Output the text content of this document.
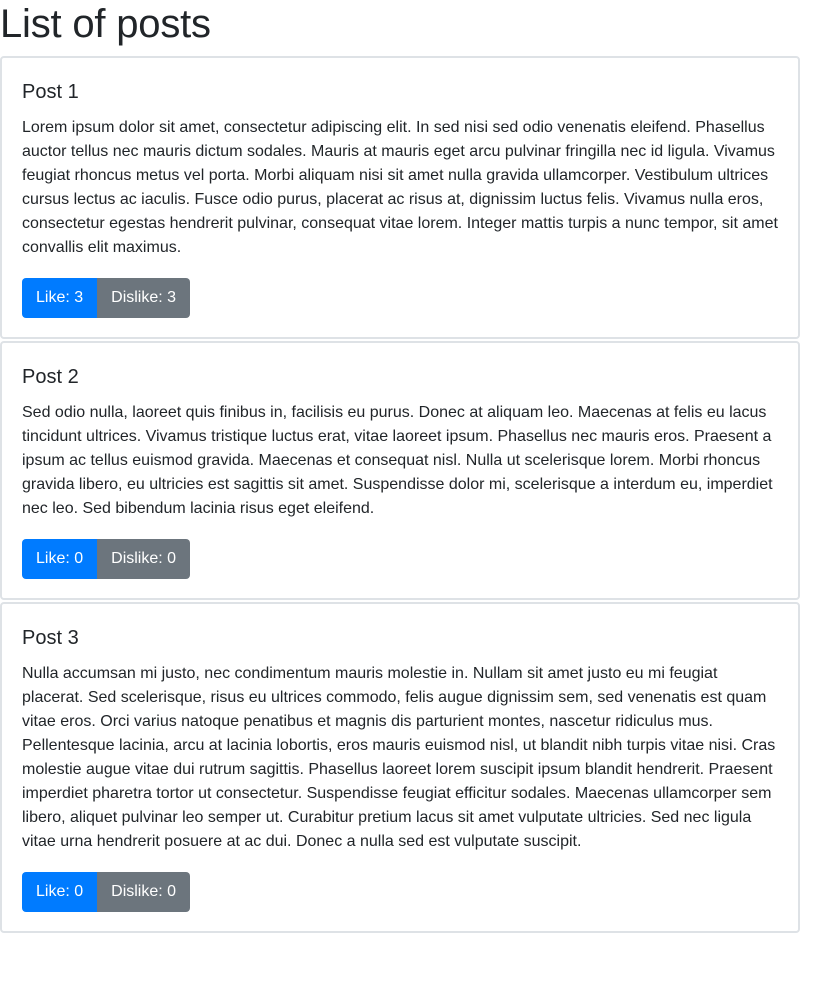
List of posts
Post 1

Lorem ipsum dolor sit amet, consectetur adipiscing elit. In sed nisi sed odio venenatis eleifend. Phasellus auctor tellus nec mauris dictum sodales. Mauris at mauris eget arcu pulvinar fringilla nec id ligula. Vivamus feugiat rhoncus metus vel porta. Morbi aliquam nisi sit amet nulla gravida ullamcorper. Vestibulum ultrices cursus lectus ac iaculis. Fusce odio purus, placerat ac risus at, dignissim luctus felis. Vivamus nulla eros, consectetur egestas hendrerit pulvinar, consequat vitae lorem. Integer mattis turpis a nunc tempor, sit amet convallis elit maximus.

Like: 3	Dislike: 3
Post 2

Sed odio nulla, laoreet quis finibus in, facilisis eu purus. Donec at aliquam leo. Maecenas at felis eu lacus tincidunt ultrices. Vivamus tristique luctus erat, vitae laoreet ipsum. Phasellus nec mauris eros. Praesent a ipsum ac tellus euismod gravida. Maecenas et consequat nisl. Nulla ut scelerisque lorem. Morbi rhoncus gravida libero, eu ultricies est sagittis sit amet. Suspendisse dolor mi, scelerisque a interdum eu, imperdiet nec leo. Sed bibendum lacinia risus eget eleifend.

Like: 0	Dislike: 0
Post 3

Nulla accumsan mi justo, nec condimentum mauris molestie in. Nullam sit amet justo eu mi feugiat placerat. Sed scelerisque, risus eu ultrices commodo, felis augue dignissim sem, sed venenatis est quam vitae eros. Orci varius natoque penatibus et magnis dis parturient montes, nascetur ridiculus mus. Pellentesque lacinia, arcu at lacinia lobortis, eros mauris euismod nisl, ut blandit nibh turpis vitae nisi. Cras molestie augue vitae dui rutrum sagittis. Phasellus laoreet lorem suscipit ipsum blandit hendrerit. Praesent imperdiet pharetra tortor ut consectetur. Suspendisse feugiat efficitur sodales. Maecenas ullamcorper sem libero, aliquet pulvinar leo semper ut. Curabitur pretium lacus sit amet vulputate ultricies. Sed nec ligula vitae urna hendrerit posuere at ac dui. Donec a nulla sed est vulputate suscipit.

Like: 0	Dislike: 0
